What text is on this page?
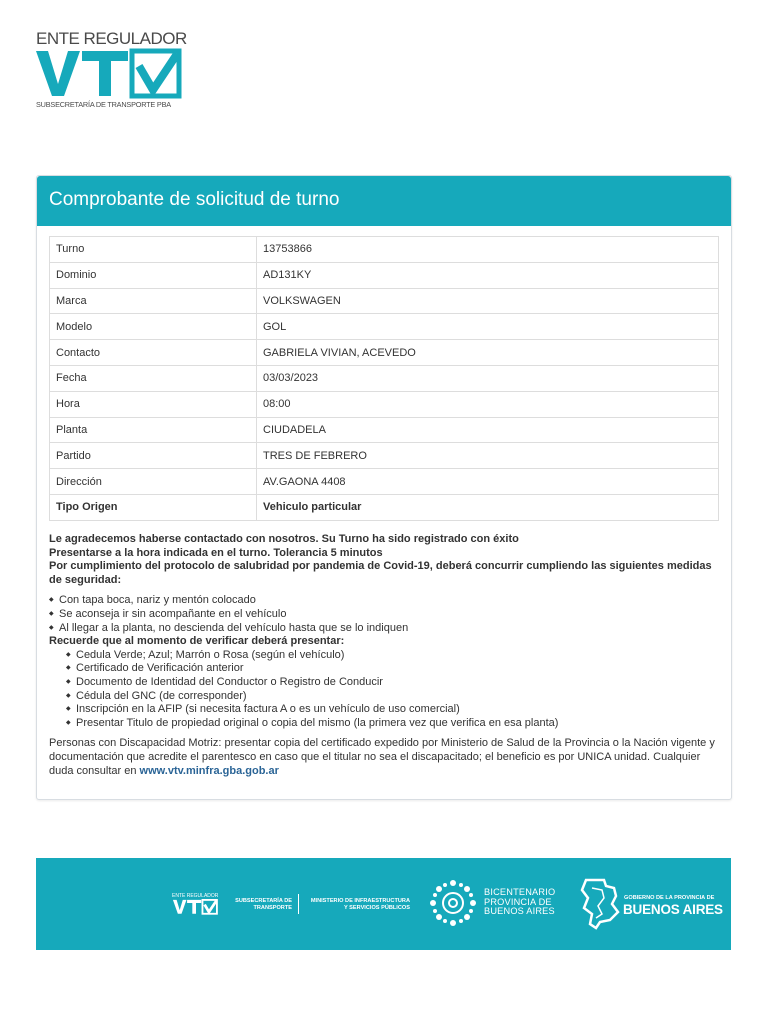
ENTE REGULADOR
SUBSECRETARÍA DE TRANSPORTE PBA
Comprobante de solicitud de turno
Turno	13753866
Dominio	AD131KY
Marca	VOLKSWAGEN
Modelo	GOL
Contacto	GABRIELA VIVIAN, ACEVEDO
Fecha	03/03/2023
Hora	08:00
Planta	CIUDADELA
Partido	TRES DE FEBRERO
Dirección	AV.GAONA 4408
Tipo Origen	Vehiculo particular

Le agradecemos haberse contactado con nosotros. Su Turno ha sido registrado con éxito

Presentarse a la hora indicada en el turno. Tolerancia 5 minutos

Por cumplimiento del protocolo de salubridad por pandemia de Covid-19, deberá concurrir cumpliendo las siguientes medidas de seguridad:

◆ Con tapa boca, nariz y mentón colocado
◆ Se aconseja ir sin acompañante en el vehículo
◆ Al llegar a la planta, no descienda del vehículo hasta que se lo indiquen

Recuerde que al momento de verificar deberá presentar:

◆ Cedula Verde; Azul; Marrón o Rosa (según el vehículo)
◆ Certificado de Verificación anterior
◆ Documento de Identidad del Conductor o Registro de Conducir
◆ Cédula del GNC (de corresponder)
◆ Inscripción en la AFIP (si necesita factura A o es un vehículo de uso comercial)
◆ Presentar Titulo de propiedad original o copia del mismo (la primera vez que verifica en esa planta)

Personas con Discapacidad Motriz: presentar copia del certificado expedido por Ministerio de Salud de la Provincia o la Nación vigente y documentación que acredite el parentesco en caso que el titular no sea el discapacitado; el beneficio es por UNICA unidad. Cualquier duda consultar en www.vtv.minfra.gba.gob.ar

ENTE REGULADOR
SUBSECRETARÍA DE
TRANSPORTE
MINISTERIO DE INFRAESTRUCTURA
Y SERVICIOS PÚBLICOS
BICENTENARIO
PROVINCIA DE
BUENOS AIRES
GOBIERNO DE LA PROVINCIA DE
BUENOS AIRES
